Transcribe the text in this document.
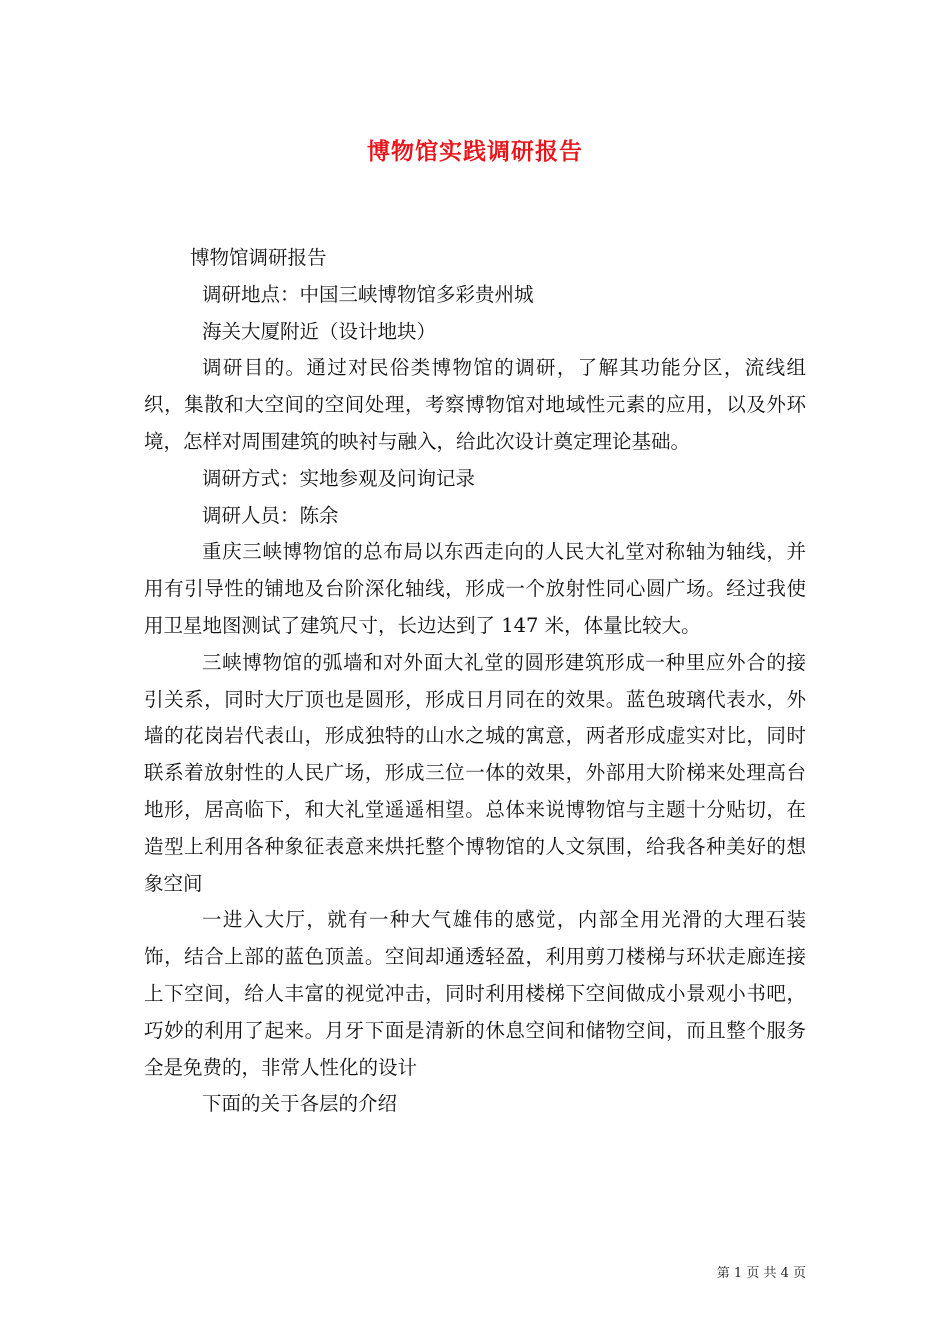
博物馆实践调研报告

博物馆调研报告

调研地点：中国三峡博物馆多彩贵州城

海关大厦附近（设计地块）

调研目的。通过对民俗类博物馆的调研，了解其功能分区，流线组织，集散和大空间的空间处理，考察博物馆对地域性元素的应用，以及外环境，怎样对周围建筑的映衬与融入，给此次设计奠定理论基础。

调研方式：实地参观及问询记录

调研人员：陈余

重庆三峡博物馆的总布局以东西走向的人民大礼堂对称轴为轴线，并用有引导性的铺地及台阶深化轴线，形成一个放射性同心圆广场。经过我使用卫星地图测试了建筑尺寸，长边达到了 147 米，体量比较大。

三峡博物馆的弧墙和对外面大礼堂的圆形建筑形成一种里应外合的接引关系，同时大厅顶也是圆形，形成日月同在的效果。蓝色玻璃代表水，外墙的花岗岩代表山，形成独特的山水之城的寓意，两者形成虚实对比，同时联系着放射性的人民广场，形成三位一体的效果，外部用大阶梯来处理高台地形，居高临下，和大礼堂遥遥相望。总体来说博物馆与主题十分贴切，在造型上利用各种象征表意来烘托整个博物馆的人文氛围，给我各种美好的想象空间

一进入大厅，就有一种大气雄伟的感觉，内部全用光滑的大理石装饰，结合上部的蓝色顶盖。空间却通透轻盈，利用剪刀楼梯与环状走廊连接上下空间，给人丰富的视觉冲击，同时利用楼梯下空间做成小景观小书吧，巧妙的利用了起来。月牙下面是清新的休息空间和储物空间，而且整个服务全是免费的，非常人性化的设计

下面的关于各层的介绍

第 1 页 共 4 页
